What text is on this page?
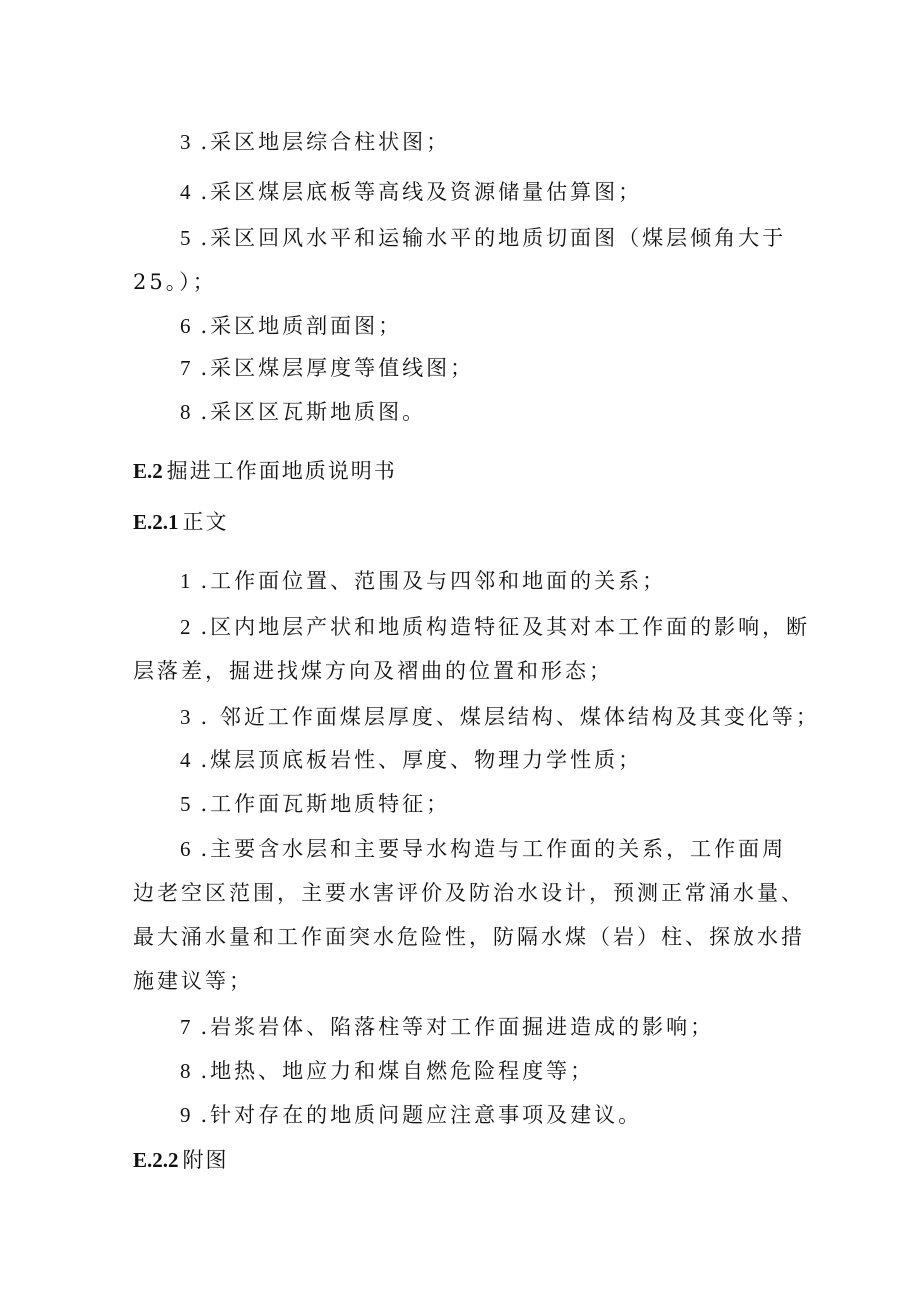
3 .采区地层综合柱状图；
4 .采区煤层底板等高线及资源储量估算图；
5 .采区回风水平和运输水平的地质切面图（煤层倾角大于
25。）；
6 .采区地质剖面图；
7 .采区煤层厚度等值线图；
8 .采区区瓦斯地质图。
E.2 掘进工作面地质说明书
E.2.1 正文
1 .工作面位置、范围及与四邻和地面的关系；
2 .区内地层产状和地质构造特征及其对本工作面的影响，断
层落差，掘进找煤方向及褶曲的位置和形态；
3 . 邻近工作面煤层厚度、煤层结构、煤体结构及其变化等；
4 .煤层顶底板岩性、厚度、物理力学性质；
5 .工作面瓦斯地质特征；
6 .主要含水层和主要导水构造与工作面的关系，工作面周
边老空区范围，主要水害评价及防治水设计，预测正常涌水量、
最大涌水量和工作面突水危险性，防隔水煤（岩）柱、探放水措
施建议等；
7 .岩浆岩体、陷落柱等对工作面掘进造成的影响；
8 .地热、地应力和煤自燃危险程度等；
9 .针对存在的地质问题应注意事项及建议。
E.2.2 附图
